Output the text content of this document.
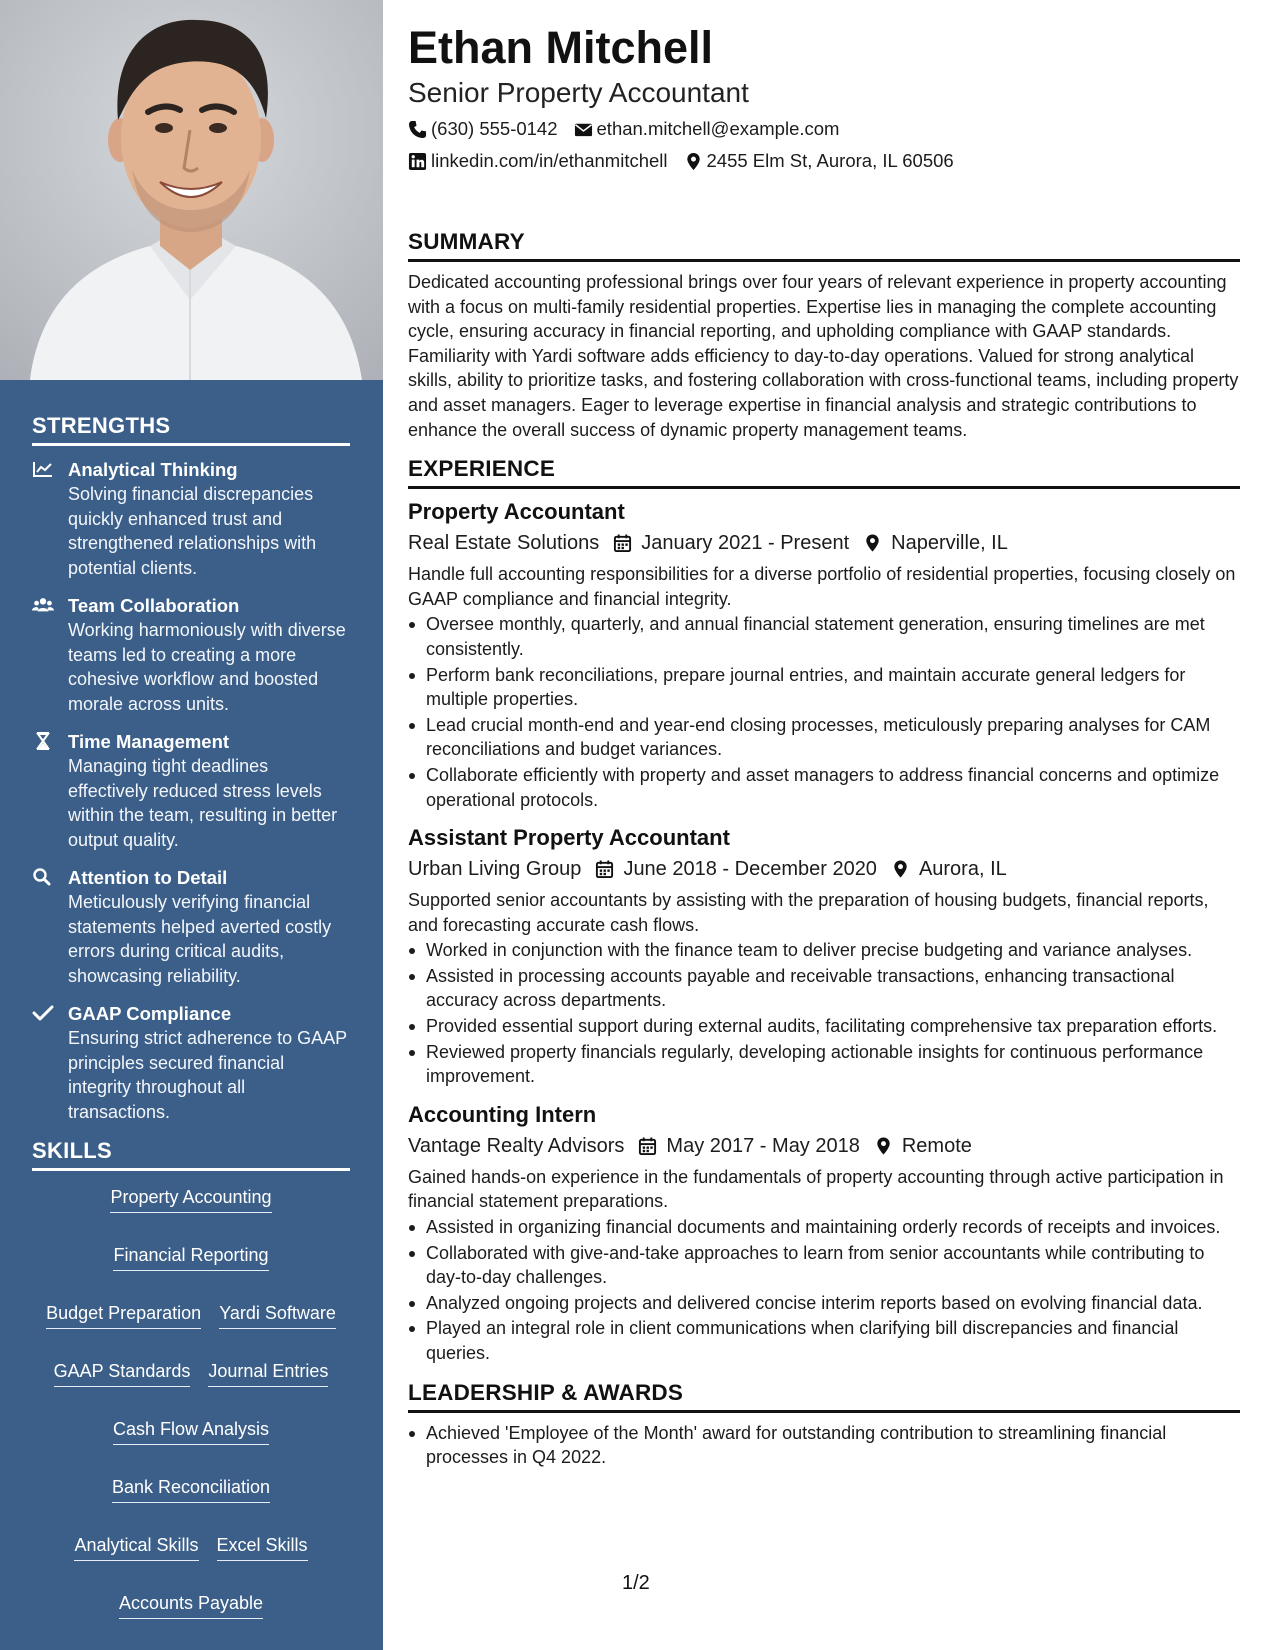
STRENGTHS
Analytical Thinking
Solving financial discrepancies quickly enhanced trust and strengthened relationships with potential clients.
Team Collaboration
Working harmoniously with diverse teams led to creating a more cohesive workflow and boosted morale across units.
Time Management
Managing tight deadlines effectively reduced stress levels within the team, resulting in better output quality.
Attention to Detail
Meticulously verifying financial statements helped averted costly errors during critical audits, showcasing reliability.
GAAP Compliance
Ensuring strict adherence to GAAP principles secured financial integrity throughout all transactions.
SKILLS
Property Accounting
Financial Reporting
Budget Preparation Yardi Software
GAAP Standards Journal Entries
Cash Flow Analysis
Bank Reconciliation
Analytical Skills Excel Skills
Accounts Payable
Ethan Mitchell
Senior Property Accountant
(630) 555-0142 ethan.mitchell@example.com
linkedin.com/in/ethanmitchell 2455 Elm St, Aurora, IL 60506
SUMMARY

Dedicated accounting professional brings over four years of relevant experience in property accounting with a focus on multi-family residential properties. Expertise lies in managing the complete accounting cycle, ensuring accuracy in financial reporting, and upholding compliance with GAAP standards. Familiarity with Yardi software adds efficiency to day-to-day operations. Valued for strong analytical skills, ability to prioritize tasks, and fostering collaboration with cross-functional teams, including property and asset managers. Eager to leverage expertise in financial analysis and strategic contributions to enhance the overall success of dynamic property management teams.

EXPERIENCE
Property Accountant
Real Estate Solutions January 2021 - Present Naperville, IL

Handle full accounting responsibilities for a diverse portfolio of residential properties, focusing closely on GAAP compliance and financial integrity.

Oversee monthly, quarterly, and annual financial statement generation, ensuring timelines are met consistently.
Perform bank reconciliations, prepare journal entries, and maintain accurate general ledgers for multiple properties.
Lead crucial month-end and year-end closing processes, meticulously preparing analyses for CAM reconciliations and budget variances.
Collaborate efficiently with property and asset managers to address financial concerns and optimize operational protocols.
Assistant Property Accountant
Urban Living Group June 2018 - December 2020 Aurora, IL

Supported senior accountants by assisting with the preparation of housing budgets, financial reports, and forecasting accurate cash flows.

Worked in conjunction with the finance team to deliver precise budgeting and variance analyses.
Assisted in processing accounts payable and receivable transactions, enhancing transactional accuracy across departments.
Provided essential support during external audits, facilitating comprehensive tax preparation efforts.
Reviewed property financials regularly, developing actionable insights for continuous performance improvement.
Accounting Intern
Vantage Realty Advisors May 2017 - May 2018 Remote

Gained hands-on experience in the fundamentals of property accounting through active participation in financial statement preparations.

Assisted in organizing financial documents and maintaining orderly records of receipts and invoices.
Collaborated with give-and-take approaches to learn from senior accountants while contributing to day-to-day challenges.
Analyzed ongoing projects and delivered concise interim reports based on evolving financial data.
Played an integral role in client communications when clarifying bill discrepancies and financial queries.
LEADERSHIP & AWARDS
Achieved 'Employee of the Month' award for outstanding contribution to streamlining financial processes in Q4 2022.
1/2
